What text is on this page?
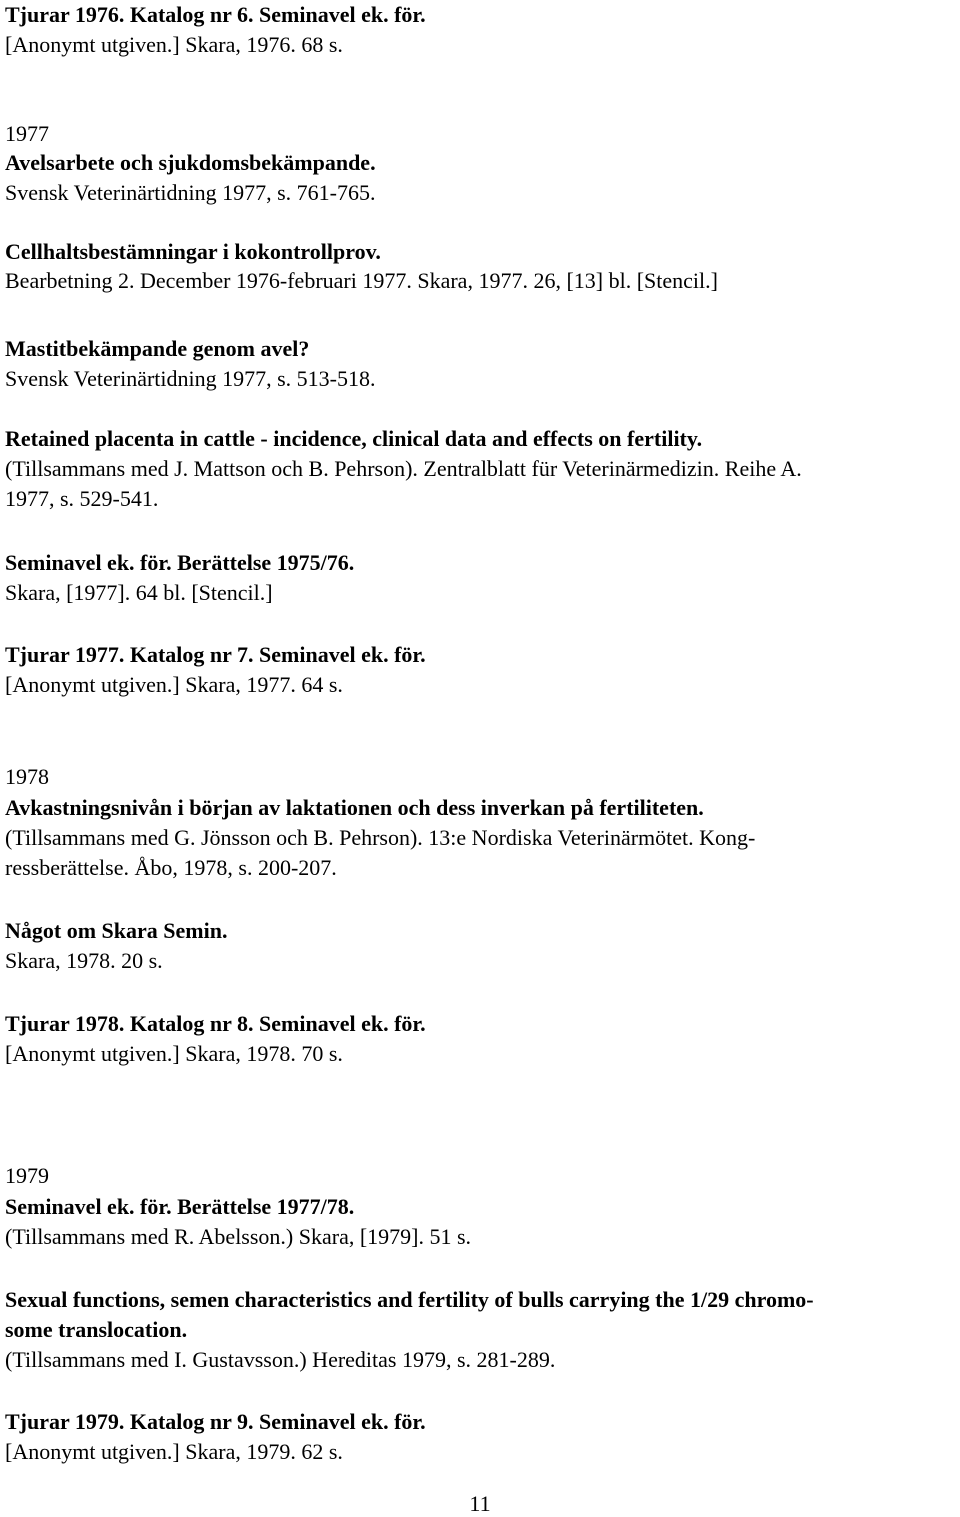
Tjurar 1976. Katalog nr 6. Seminavel ek. för.
[Anonymt utgiven.] Skara, 1976. 68 s.
1977
Avelsarbete och sjukdomsbekämpande.
Svensk Veterinärtidning 1977, s. 761-765.
Cellhaltsbestämningar i kokontrollprov.
Bearbetning 2. December 1976-februari 1977. Skara, 1977. 26, [13] bl. [Stencil.]
Mastitbekämpande genom avel?
Svensk Veterinärtidning 1977, s. 513-518.
Retained placenta in cattle - incidence, clinical data and effects on fertility.
(Tillsammans med J. Mattson och B. Pehrson). Zentralblatt für Veterinärmedizin. Reihe A.
1977, s. 529-541.
Seminavel ek. för. Berättelse 1975/76.
Skara, [1977]. 64 bl. [Stencil.]
Tjurar 1977. Katalog nr 7. Seminavel ek. för.
[Anonymt utgiven.] Skara, 1977. 64 s.
1978
Avkastningsnivån i början av laktationen och dess inverkan på fertiliteten.
(Tillsammans med G. Jönsson och B. Pehrson). 13:e Nordiska Veterinärmötet. Kong-
ressberättelse. Åbo, 1978, s. 200-207.
Något om Skara Semin.
Skara, 1978. 20 s.
Tjurar 1978. Katalog nr 8. Seminavel ek. för.
[Anonymt utgiven.] Skara, 1978. 70 s.
1979
Seminavel ek. för. Berättelse 1977/78.
(Tillsammans med R. Abelsson.) Skara, [1979]. 51 s.
Sexual functions, semen characteristics and fertility of bulls carrying the 1/29 chromo-
some translocation.
(Tillsammans med I. Gustavsson.) Hereditas 1979, s. 281-289.
Tjurar 1979. Katalog nr 9. Seminavel ek. för.
[Anonymt utgiven.] Skara, 1979. 62 s.
11
